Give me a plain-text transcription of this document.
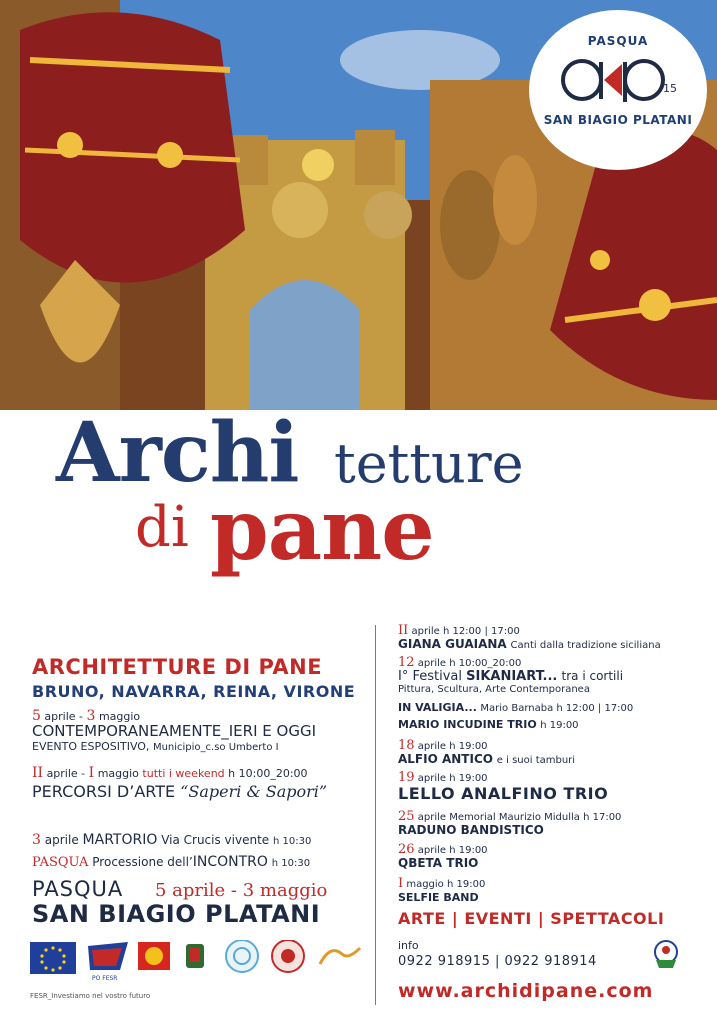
PASQUA
15
SAN BIAGIO PLATANI
Archi tetture
di pane
ARCHITETTURE DI PANE
BRUNO, NAVARRA, REINA, VIRONE
5 aprile - 3 maggio
CONTEMPORANEAMENTE_IERI E OGGI
EVENTO ESPOSITIVO, Municipio_c.so Umberto I
II aprile - I maggio tutti i weekend h 10:00_20:00
PERCORSI D’ARTE “Saperi & Sapori”
3 aprile MARTORIO Via Crucis vivente h 10:30
PASQUA Processione dell’INCONTRO h 10:30
PASQUA 5 aprile - 3 maggio
SAN BIAGIO PLATANI
II aprile h 12:00 | 17:00
GIANA GUAIANA Canti dalla tradizione siciliana
12 aprile h 10:00_20:00
I° Festival SIKANIART... tra i cortili
Pittura, Scultura, Arte Contemporanea
IN VALIGIA... Mario Barnaba h 12:00 | 17:00
MARIO INCUDINE TRIO h 19:00
18 aprile h 19:00
ALFIO ANTICO e i suoi tamburi
19 aprile h 19:00
LELLO ANALFINO TRIO
25 aprile Memorial Maurizio Midulla h 17:00
RADUNO BANDISTICO
26 aprile h 19:00
QBETA TRIO
I maggio h 19:00
SELFIE BAND
ARTE | EVENTI | SPETTACOLI
info
0922 918915 | 0922 918914
www.archidipane.com
PO FESR
FESR_Investiamo nel vostro futuro
